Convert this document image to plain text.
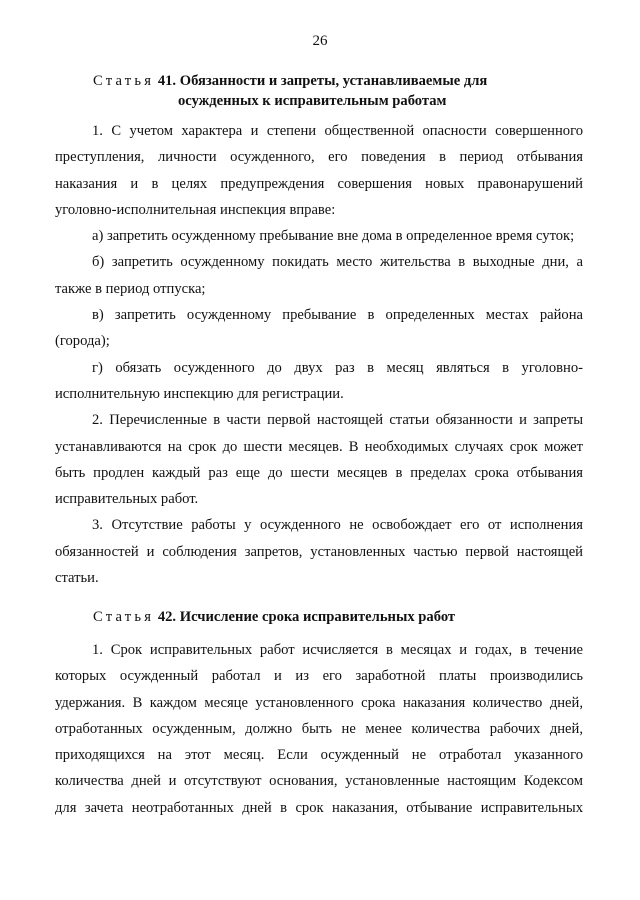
26
Статья 41. Обязанности и запреты, устанавливаемые для
осужденных к исправительным работам

1. С учетом характера и степени общественной опасности совершенного
преступления, личности осужденного, его поведения в период отбывания
наказания и в целях предупреждения совершения новых правонарушений
уголовно-исполнительная инспекция вправе:

а) запретить осужденному пребывание вне дома в определенное время суток;

б) запретить осужденному покидать место жительства в выходные дни, а
также в период отпуска;

в) запретить осужденному пребывание в определенных местах района
(города);

г) обязать осужденного до двух раз в месяц являться в уголовно-
исполнительную инспекцию для регистрации.

2. Перечисленные в части первой настоящей статьи обязанности и запреты
устанавливаются на срок до шести месяцев. В необходимых случаях срок может
быть продлен каждый раз еще до шести месяцев в пределах срока отбывания
исправительных работ.

3. Отсутствие работы у осужденного не освобождает его от исполнения
обязанностей и соблюдения запретов, установленных частью первой настоящей
статьи.

Статья 42. Исчисление срока исправительных работ

1. Срок исправительных работ исчисляется в месяцах и годах, в течение
которых осужденный работал и из его заработной платы производились
удержания. В каждом месяце установленного срока наказания количество дней,
отработанных осужденным, должно быть не менее количества рабочих дней,
приходящихся на этот месяц. Если осужденный не отработал указанного
количества дней и отсутствуют основания, установленные настоящим Кодексом
для зачета неотработанных дней в срок наказания, отбывание исправительных
